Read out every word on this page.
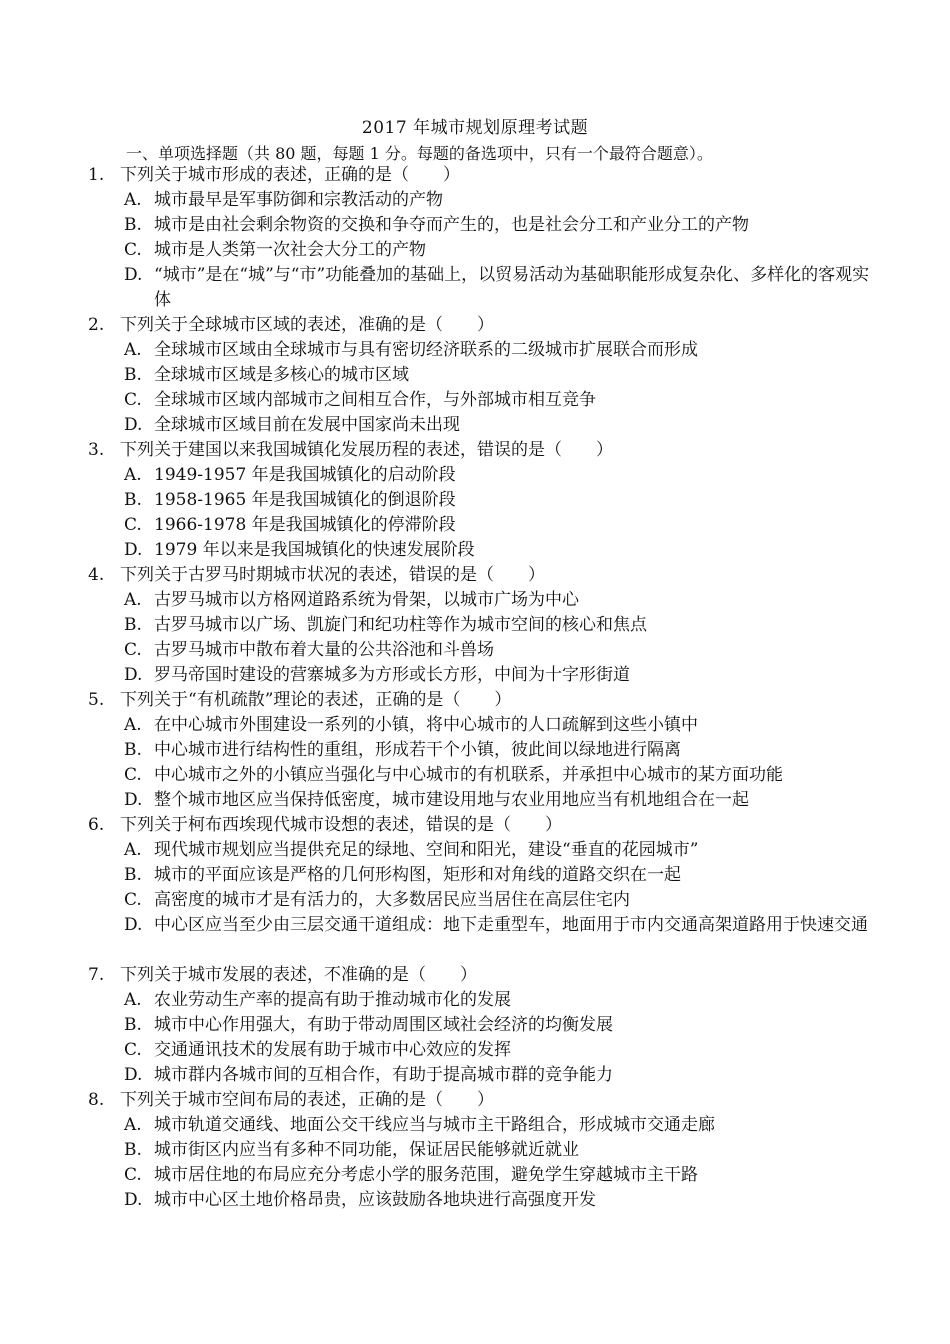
2017 年城市规划原理考试题
一、单项选择题（共 80 题，每题 1 分。每题的备选项中，只有一个最符合题意）。
1. 下列关于城市形成的表述，正确的是（　　）
A. 城市最早是军事防御和宗教活动的产物
B. 城市是由社会剩余物资的交换和争夺而产生的，也是社会分工和产业分工的产物
C. 城市是人类第一次社会大分工的产物
D. “城市”是在“城”与“市”功能叠加的基础上，以贸易活动为基础职能形成复杂化、多样化的客观实体
2. 下列关于全球城市区域的表述，准确的是（　　）
A. 全球城市区域由全球城市与具有密切经济联系的二级城市扩展联合而形成
B. 全球城市区域是多核心的城市区域
C. 全球城市区域内部城市之间相互合作，与外部城市相互竞争
D. 全球城市区域目前在发展中国家尚未出现
3. 下列关于建国以来我国城镇化发展历程的表述，错误的是（　　）
A. 1949-1957 年是我国城镇化的启动阶段
B. 1958-1965 年是我国城镇化的倒退阶段
C. 1966-1978 年是我国城镇化的停滞阶段
D. 1979 年以来是我国城镇化的快速发展阶段
4. 下列关于古罗马时期城市状况的表述，错误的是（　　）
A. 古罗马城市以方格网道路系统为骨架，以城市广场为中心
B. 古罗马城市以广场、凯旋门和纪功柱等作为城市空间的核心和焦点
C. 古罗马城市中散布着大量的公共浴池和斗兽场
D. 罗马帝国时建设的营寨城多为方形或长方形，中间为十字形街道
5. 下列关于“有机疏散”理论的表述，正确的是（　　）
A. 在中心城市外围建设一系列的小镇，将中心城市的人口疏解到这些小镇中
B. 中心城市进行结构性的重组，形成若干个小镇，彼此间以绿地进行隔离
C. 中心城市之外的小镇应当强化与中心城市的有机联系，并承担中心城市的某方面功能
D. 整个城市地区应当保持低密度，城市建设用地与农业用地应当有机地组合在一起
6. 下列关于柯布西埃现代城市设想的表述，错误的是（　　）
A. 现代城市规划应当提供充足的绿地、空间和阳光，建设“垂直的花园城市”
B. 城市的平面应该是严格的几何形构图，矩形和对角线的道路交织在一起
C. 高密度的城市才是有活力的，大多数居民应当居住在高层住宅内
D. 中心区应当至少由三层交通干道组成：地下走重型车，地面用于市内交通高架道路用于快速交通
7. 下列关于城市发展的表述，不准确的是（　　）
A. 农业劳动生产率的提高有助于推动城市化的发展
B. 城市中心作用强大，有助于带动周围区域社会经济的均衡发展
C. 交通通讯技术的发展有助于城市中心效应的发挥
D. 城市群内各城市间的互相合作，有助于提高城市群的竞争能力
8. 下列关于城市空间布局的表述，正确的是（　　）
A. 城市轨道交通线、地面公交干线应当与城市主干路组合，形成城市交通走廊
B. 城市街区内应当有多种不同功能，保证居民能够就近就业
C. 城市居住地的布局应充分考虑小学的服务范围，避免学生穿越城市主干路
D. 城市中心区土地价格昂贵，应该鼓励各地块进行高强度开发
